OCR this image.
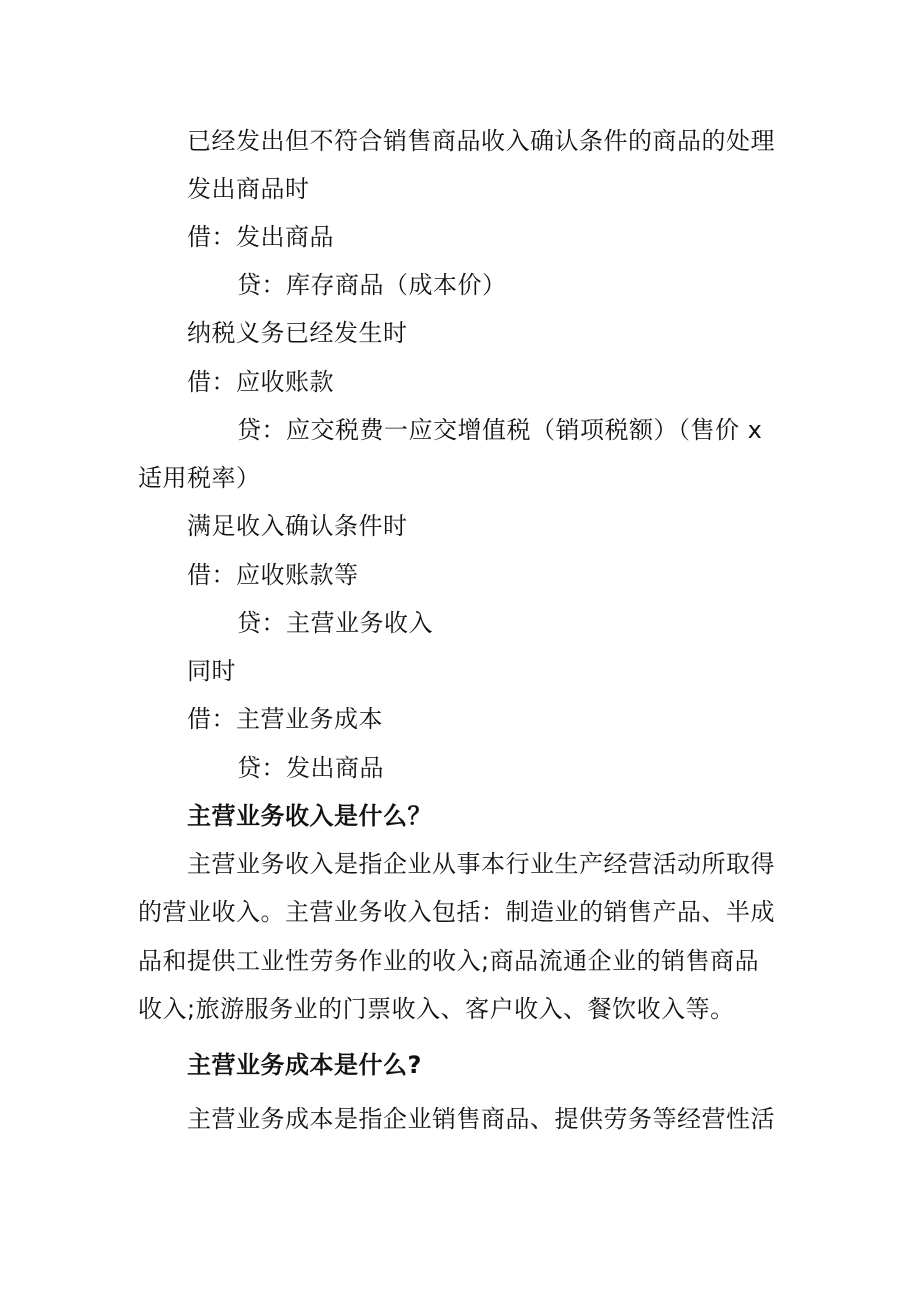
已经发出但不符合销售商品收入确认条件的商品的处理
发出商品时
借：发出商品
贷：库存商品（成本价）
纳税义务已经发生时
借：应收账款
贷：应交税费一应交增值税（销项税额）（售价 x
适用税率）
满足收入确认条件时
借：应收账款等
贷：主营业务收入
同时
借：主营业务成本
贷：发出商品
主营业务收入是什么？
主营业务收入是指企业从事本行业生产经营活动所取得
的营业收入。主营业务收入包括：制造业的销售产品、半成
品和提供工业性劳务作业的收入;商品流通企业的销售商品
收入;旅游服务业的门票收入、客户收入、餐饮收入等。
主营业务成本是什么?
主营业务成本是指企业销售商品、提供劳务等经营性活
